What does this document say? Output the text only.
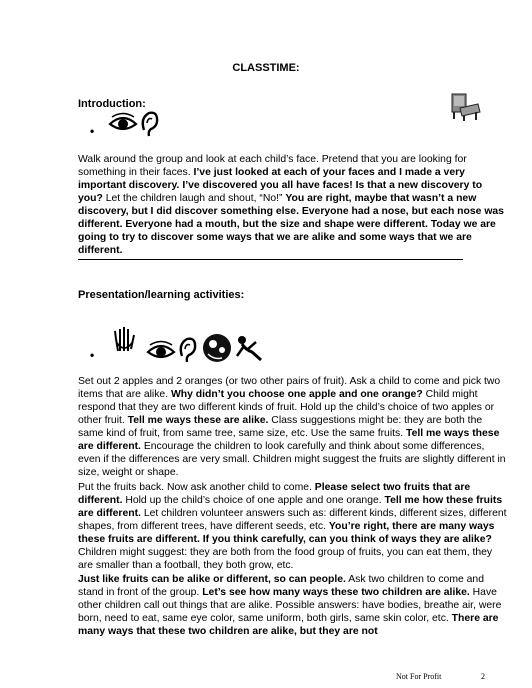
CLASSTIME:
Introduction:
•

Walk around the group and look at each child’s face. Pretend that you are looking for something in their faces. I’ve just looked at each of your faces and I made a very important discovery. I’ve discovered you all have faces! Is that a new discovery to you? Let the children laugh and shout, “No!” You are right, maybe that wasn’t a new discovery, but I did discover something else. Everyone had a nose, but each nose was different. Everyone had a mouth, but the size and shape were different. Today we are going to try to discover some ways that we are alike and some ways that we are different.

Presentation/learning activities:
•

Set out 2 apples and 2 oranges (or two other pairs of fruit). Ask a child to come and pick two items that are alike. Why didn’t you choose one apple and one orange? Child might respond that they are two different kinds of fruit. Hold up the child’s choice of two apples or other fruit. Tell me ways these are alike. Class suggestions might be: they are both the same kind of fruit, from same tree, same size, etc. Use the same fruits. Tell me ways these are different. Encourage the children to look carefully and think about some differences, even if the differences are very small. Children might suggest the fruits are slightly different in size, weight or shape.

Put the fruits back. Now ask another child to come. Please select two fruits that are different. Hold up the child’s choice of one apple and one orange. Tell me how these fruits are different. Let children volunteer answers such as: different kinds, different sizes, different shapes, from different trees, have different seeds, etc. You’re right, there are many ways these fruits are different. If you think carefully, can you think of ways they are alike? Children might suggest: they are both from the food group of fruits, you can eat them, they are smaller than a football, they both grow, etc.

Just like fruits can be alike or different, so can people. Ask two children to come and stand in front of the group. Let’s see how many ways these two children are alike. Have other children call out things that are alike. Possible answers: have bodies, breathe air, were born, need to eat, same eye color, same uniform, both girls, same skin color, etc. There are many ways that these two children are alike, but they are not

Not For Profit	2
